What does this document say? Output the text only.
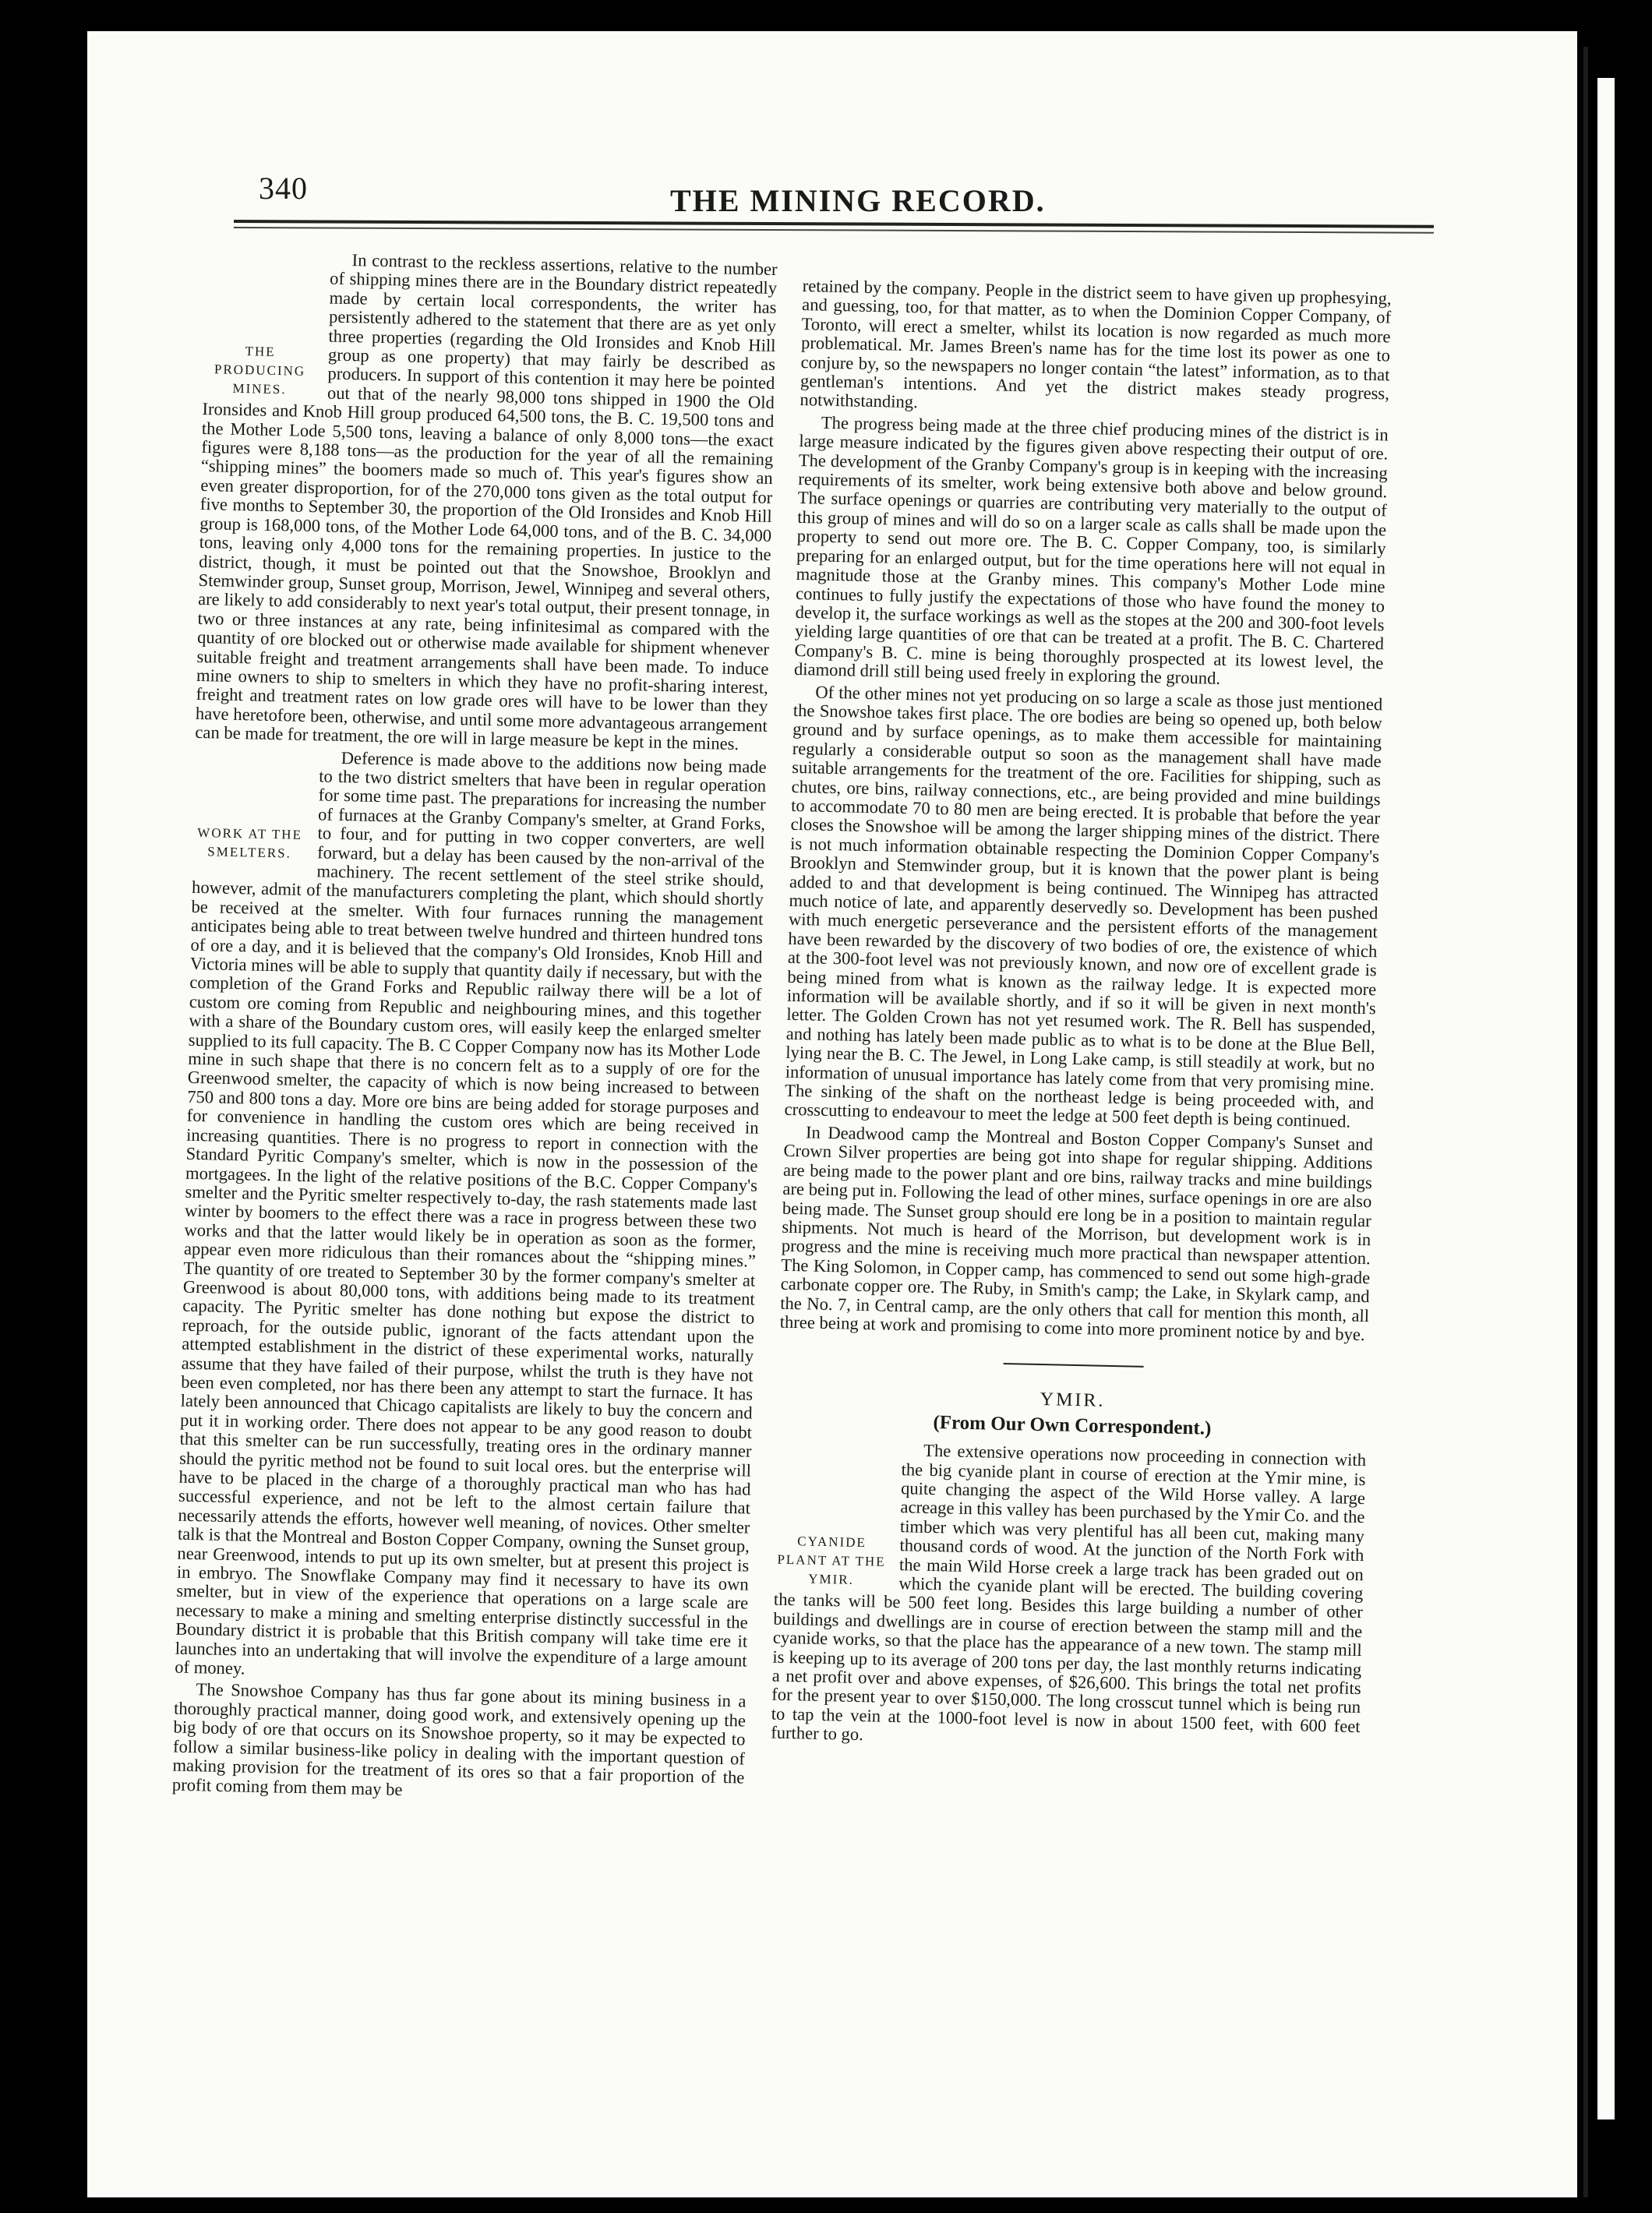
340	THE MINING RECORD.

THE PRODUCING MINES.
In contrast to the reckless assertions, relative to the number of shipping mines there are in the Boundary district repeatedly made by certain local correspondents, the writer has persistently adhered to the statement that there are as yet only three properties (regarding the Old Ironsides and Knob Hill group as one property) that may fairly be described as producers. In support of this contention it may here be pointed out that of the nearly 98,000 tons shipped in 1900 the Old Ironsides and Knob Hill group produced 64,500 tons, the B. C. 19,500 tons and the Mother Lode 5,500 tons, leaving a balance of only 8,000 tons—the exact figures were 8,188 tons—as the production for the year of all the remaining “shipping mines” the boomers made so much of. This year's figures show an even greater disproportion, for of the 270,000 tons given as the total output for five months to September 30, the proportion of the Old Ironsides and Knob Hill group is 168,000 tons, of the Mother Lode 64,000 tons, and of the B. C. 34,000 tons, leaving only 4,000 tons for the remaining properties. In justice to the district, though, it must be pointed out that the Snowshoe, Brooklyn and Stemwinder group, Sunset group, Morrison, Jewel, Winnipeg and several others, are likely to add considerably to next year's total output, their present tonnage, in two or three instances at any rate, being infinitesimal as compared with the quantity of ore blocked out or otherwise made available for shipment whenever suitable freight and treatment arrangements shall have been made. To induce mine owners to ship to smelters in which they have no profit-sharing interest, freight and treatment rates on low grade ores will have to be lower than they have heretofore been, otherwise, and until some more advantageous arrangement can be made for treatment, the ore will in large measure be kept in the mines.

WORK AT THE SMELTERS.
Deference is made above to the additions now being made to the two district smelters that have been in regular operation for some time past. The preparations for increasing the number of furnaces at the Granby Company's smelter, at Grand Forks, to four, and for putting in two copper converters, are well forward, but a delay has been caused by the non-arrival of the machinery. The recent settlement of the steel strike should, however, admit of the manufacturers completing the plant, which should shortly be received at the smelter. With four furnaces running the management anticipates being able to treat between twelve hundred and thirteen hundred tons of ore a day, and it is believed that the company's Old Ironsides, Knob Hill and Victoria mines will be able to supply that quantity daily if necessary, but with the completion of the Grand Forks and Republic railway there will be a lot of custom ore coming from Republic and neighbouring mines, and this together with a share of the Boundary custom ores, will easily keep the enlarged smelter supplied to its full capacity. The B. C Copper Company now has its Mother Lode mine in such shape that there is no concern felt as to a supply of ore for the Greenwood smelter, the capacity of which is now being increased to between 750 and 800 tons a day. More ore bins are being added for storage purposes and for convenience in handling the custom ores which are being received in increasing quantities. There is no progress to report in connection with the Standard Pyritic Company's smelter, which is now in the possession of the mortgagees. In the light of the relative positions of the B.C. Copper Company's smelter and the Pyritic smelter respectively to-day, the rash statements made last winter by boomers to the effect there was a race in progress between these two works and that the latter would likely be in operation as soon as the former, appear even more ridiculous than their romances about the “shipping mines.” The quantity of ore treated to September 30 by the former company's smelter at Greenwood is about 80,000 tons, with additions being made to its treatment capacity. The Pyritic smelter has done nothing but expose the district to reproach, for the outside public, ignorant of the facts attendant upon the attempted establishment in the district of these experimental works, naturally assume that they have failed of their purpose, whilst the truth is they have not been even completed, nor has there been any attempt to start the furnace. It has lately been announced that Chicago capitalists are likely to buy the concern and put it in working order. There does not appear to be any good reason to doubt that this smelter can be run successfully, treating ores in the ordinary manner should the pyritic method not be found to suit local ores. but the enterprise will have to be placed in the charge of a thoroughly practical man who has had successful experience, and not be left to the almost certain failure that necessarily attends the efforts, however well meaning, of novices. Other smelter talk is that the Montreal and Boston Copper Company, owning the Sunset group, near Greenwood, intends to put up its own smelter, but at present this project is in embryo. The Snowflake Company may find it necessary to have its own smelter, but in view of the experience that operations on a large scale are necessary to make a mining and smelting enterprise distinctly successful in the Boundary district it is probable that this British company will take time ere it launches into an undertaking that will involve the expenditure of a large amount of money.

The Snowshoe Company has thus far gone about its mining business in a thoroughly practical manner, doing good work, and extensively opening up the big body of ore that occurs on its Snowshoe property, so it may be expected to follow a similar business-like policy in dealing with the important question of making provision for the treatment of its ores so that a fair proportion of the profit coming from them may be

retained by the company. People in the district seem to have given up prophesying, and guessing, too, for that matter, as to when the Dominion Copper Company, of Toronto, will erect a smelter, whilst its location is now regarded as much more problematical. Mr. James Breen's name has for the time lost its power as one to conjure by, so the newspapers no longer contain “the latest” information, as to that gentleman's intentions. And yet the district makes steady progress, notwithstanding.

The progress being made at the three chief producing mines of the district is in large measure indicated by the figures given above respecting their output of ore. The development of the Granby Company's group is in keeping with the increasing requirements of its smelter, work being extensive both above and below ground. The surface openings or quarries are contributing very materially to the output of this group of mines and will do so on a larger scale as calls shall be made upon the property to send out more ore. The B. C. Copper Company, too, is similarly preparing for an enlarged output, but for the time operations here will not equal in magnitude those at the Granby mines. This company's Mother Lode mine continues to fully justify the expectations of those who have found the money to develop it, the surface workings as well as the stopes at the 200 and 300-foot levels yielding large quantities of ore that can be treated at a profit. The B. C. Chartered Company's B. C. mine is being thoroughly prospected at its lowest level, the diamond drill still being used freely in exploring the ground.

Of the other mines not yet producing on so large a scale as those just mentioned the Snowshoe takes first place. The ore bodies are being so opened up, both below ground and by surface openings, as to make them accessible for maintaining regularly a considerable output so soon as the management shall have made suitable arrangements for the treatment of the ore. Facilities for shipping, such as chutes, ore bins, railway connections, etc., are being provided and mine buildings to accommodate 70 to 80 men are being erected. It is probable that before the year closes the Snowshoe will be among the larger shipping mines of the district. There is not much information obtainable respecting the Dominion Copper Company's Brooklyn and Stemwinder group, but it is known that the power plant is being added to and that development is being continued. The Winnipeg has attracted much notice of late, and apparently deservedly so. Development has been pushed with much energetic perseverance and the persistent efforts of the management have been rewarded by the discovery of two bodies of ore, the existence of which at the 300-foot level was not previously known, and now ore of excellent grade is being mined from what is known as the railway ledge. It is expected more information will be available shortly, and if so it will be given in next month's letter. The Golden Crown has not yet resumed work. The R. Bell has suspended, and nothing has lately been made public as to what is to be done at the Blue Bell, lying near the B. C. The Jewel, in Long Lake camp, is still steadily at work, but no information of unusual importance has lately come from that very promising mine. The sinking of the shaft on the northeast ledge is being proceeded with, and crosscutting to endeavour to meet the ledge at 500 feet depth is being continued.

In Deadwood camp the Montreal and Boston Copper Company's Sunset and Crown Silver properties are being got into shape for regular shipping. Additions are being made to the power plant and ore bins, railway tracks and mine buildings are being put in. Following the lead of other mines, surface openings in ore are also being made. The Sunset group should ere long be in a position to maintain regular shipments. Not much is heard of the Morrison, but development work is in progress and the mine is receiving much more practical than newspaper attention. The King Solomon, in Copper camp, has commenced to send out some high-grade carbonate copper ore. The Ruby, in Smith's camp; the Lake, in Skylark camp, and the No. 7, in Central camp, are the only others that call for mention this month, all three being at work and promising to come into more prominent notice by and bye.

YMIR.
(From Our Own Correspondent.)

CYANIDE PLANT AT THE YMIR.
The extensive operations now proceeding in connection with the big cyanide plant in course of erection at the Ymir mine, is quite changing the aspect of the Wild Horse valley. A large acreage in this valley has been purchased by the Ymir Co. and the timber which was very plentiful has all been cut, making many thousand cords of wood. At the junction of the North Fork with the main Wild Horse creek a large track has been graded out on which the cyanide plant will be erected. The building covering the tanks will be 500 feet long. Besides this large building a number of other buildings and dwellings are in course of erection between the stamp mill and the cyanide works, so that the place has the appearance of a new town. The stamp mill is keeping up to its average of 200 tons per day, the last monthly returns indicating a net profit over and above expenses, of $26,600. This brings the total net profits for the present year to over $150,000. The long crosscut tunnel which is being run to tap the vein at the 1000-foot level is now in about 1500 feet, with 600 feet further to go.
